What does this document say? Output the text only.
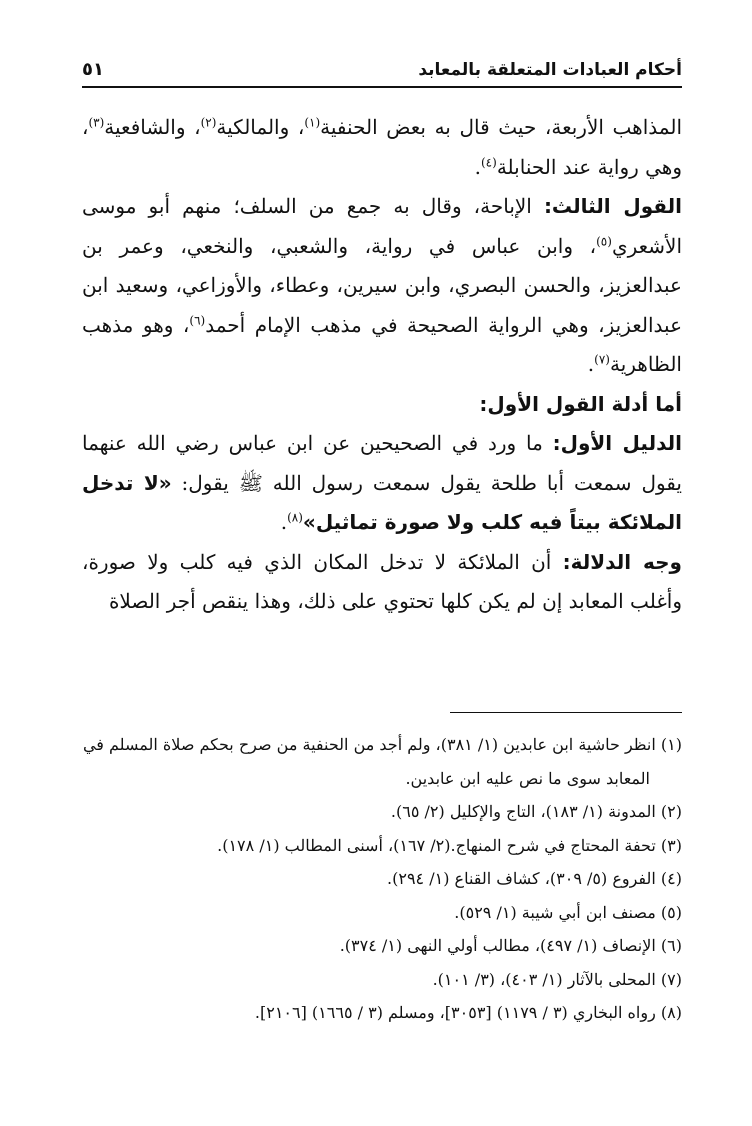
أحكام العبادات المتعلقة بالمعابد
٥١

المذاهب الأربعة، حيث قال به بعض الحنفية$^{(١)}$، والمالكية$^{(٢)}$، والشافعية$^{(٣)}$، وهي رواية عند الحنابلة$^{(٤)}$.

القول الثالث: الإباحة، وقال به جمع من السلف؛ منهم أبو موسى الأشعري$^{(٥)}$، وابن عباس في رواية، والشعبي، والنخعي، وعمر بن عبدالعزيز، والحسن البصري، وابن سيرين، وعطاء، والأوزاعي، وسعيد ابن عبدالعزيز، وهي الرواية الصحيحة في مذهب الإمام أحمد$^{(٦)}$، وهو مذهب الظاهرية$^{(٧)}$.

أما أدلة القول الأول:

الدليل الأول: ما ورد في الصحيحين عن ابن عباس رضي الله عنهما يقول سمعت أبا طلحة يقول سمعت رسول الله ﷺ يقول: «لا تدخل الملائكة بيتاً فيه كلب ولا صورة تماثيل»$^{(٨)}$.

وجه الدلالة: أن الملائكة لا تدخل المكان الذي فيه كلب ولا صورة، وأغلب المعابد إن لم يكن كلها تحتوي على ذلك، وهذا ينقص أجر الصلاة

(١) انظر حاشية ابن عابدين (١/ ٣٨١)، ولم أجد من الحنفية من صرح بحكم صلاة المسلم في

المعابد سوى ما نص عليه ابن عابدين.

(٢) المدونة (١/ ١٨٣)، التاج والإكليل (٢/ ٦٥).

(٣) تحفة المحتاج في شرح المنهاج.(٢/ ١٦٧)، أسنى المطالب (١/ ١٧٨).

(٤) الفروع (٥/ ٣٠٩)، كشاف القناع (١/ ٢٩٤).

(٥) مصنف ابن أبي شيبة (١/ ٥٢٩).

(٦) الإنصاف (١/ ٤٩٧)، مطالب أولي النهى (١/ ٣٧٤).

(٧) المحلى بالآثار (١/ ٤٠٣)، (٣/ ١٠١).

(٨) رواه البخاري (٣ / ١١٧٩) [٣٠٥٣]، ومسلم (٣ / ١٦٦٥) [٢١٠٦].
